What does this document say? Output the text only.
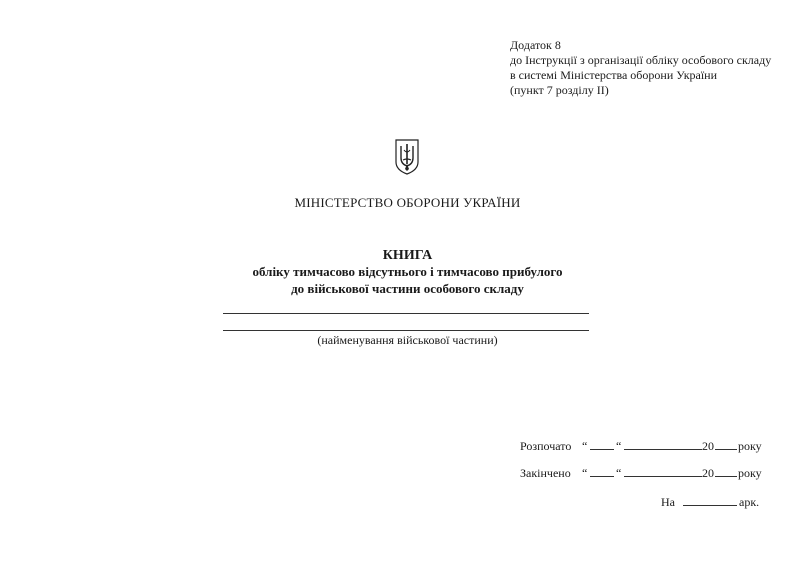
Додаток 8
до Інструкції з організації обліку особового складу
в системі Міністерства оборони України
(пункт 7 розділу ІІ)
МІНІСТЕРСТВО ОБОРОНИ УКРАЇНИ
КНИГА
обліку тимчасово відсутнього і тимчасово прибулого
до військової частини особового складу
(найменування військової частини)
Розпочато “ “	20 року
Закінчено “ “	20 року
На	арк.
